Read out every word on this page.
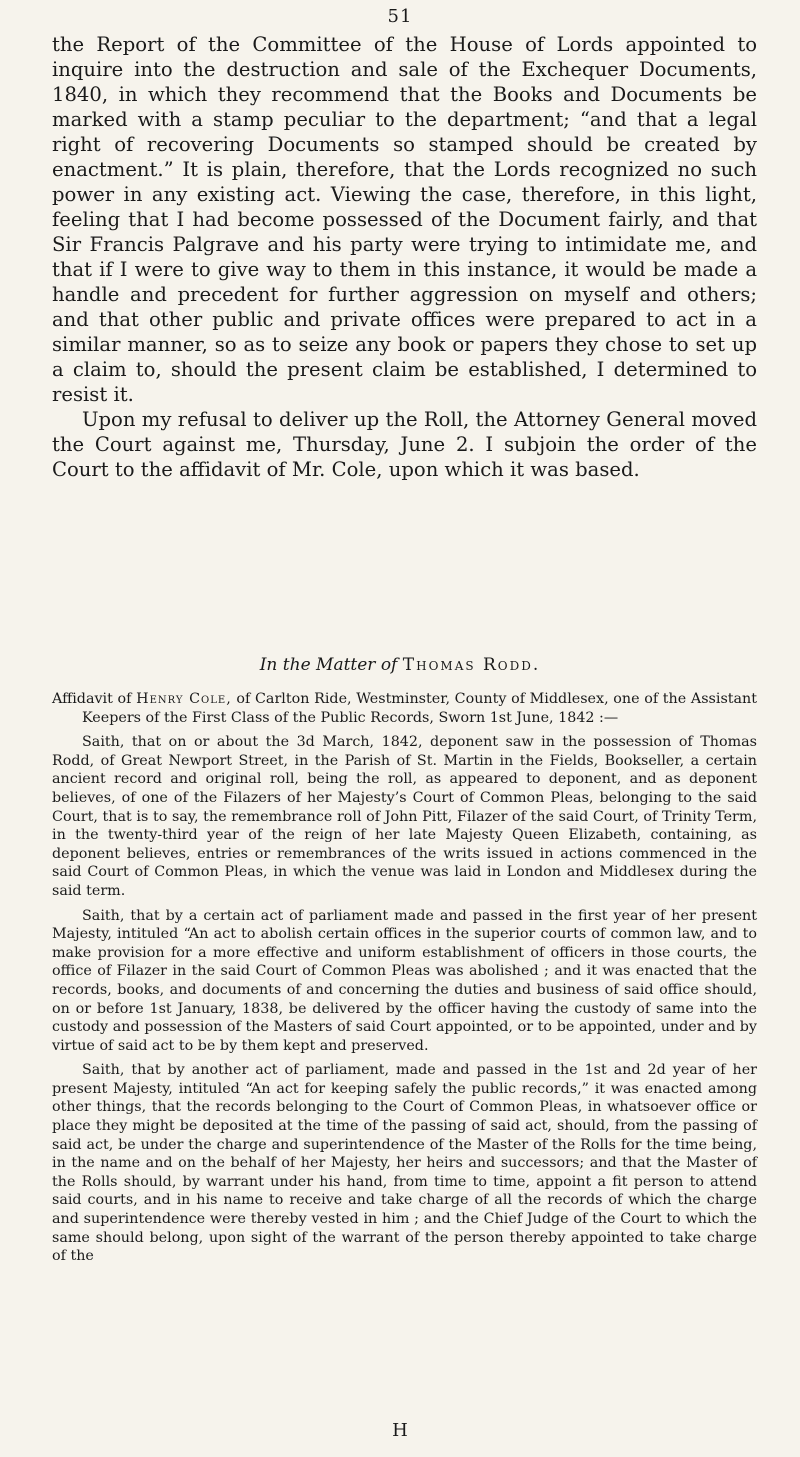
51

the Report of the Committee of the House of Lords appointed to inquire into the destruction and sale of the Exchequer Documents, 1840, in which they recommend that the Books and Documents be marked with a stamp peculiar to the department; “and that a legal right of recovering Documents so stamped should be created by enactment.” It is plain, therefore, that the Lords recognized no such power in any existing act. Viewing the case, therefore, in this light, feeling that I had become possessed of the Document fairly, and that Sir Francis Palgrave and his party were trying to intimidate me, and that if I were to give way to them in this instance, it would be made a handle and precedent for further aggression on myself and others; and that other public and private offices were prepared to act in a similar manner, so as to seize any book or papers they chose to set up a claim to, should the present claim be established, I determined to resist it.

Upon my refusal to deliver up the Roll, the Attorney General moved the Court against me, Thursday, June 2. I subjoin the order of the Court to the affidavit of Mr. Cole, upon which it was based.

In the Matter of Thomas Rodd.

Affidavit of Henry Cole, of Carlton Ride, Westminster, County of Middlesex, one of the Assistant Keepers of the First Class of the Public Records, Sworn 1st June, 1842 :—

Saith, that on or about the 3d March, 1842, deponent saw in the possession of Thomas Rodd, of Great Newport Street, in the Parish of St. Martin in the Fields, Bookseller, a certain ancient record and original roll, being the roll, as appeared to deponent, and as deponent believes, of one of the Filazers of her Majesty’s Court of Common Pleas, belonging to the said Court, that is to say, the remembrance roll of John Pitt, Filazer of the said Court, of Trinity Term, in the twenty-third year of the reign of her late Majesty Queen Elizabeth, containing, as deponent believes, entries or remembrances of the writs issued in actions commenced in the said Court of Common Pleas, in which the venue was laid in London and Middlesex during the said term.

Saith, that by a certain act of parliament made and passed in the first year of her present Majesty, intituled “An act to abolish certain offices in the superior courts of common law, and to make provision for a more effective and uniform establishment of officers in those courts, the office of Filazer in the said Court of Common Pleas was abolished ; and it was enacted that the records, books, and documents of and concerning the duties and business of said office should, on or before 1st January, 1838, be delivered by the officer having the custody of same into the custody and possession of the Masters of said Court appointed, or to be appointed, under and by virtue of said act to be by them kept and preserved.

Saith, that by another act of parliament, made and passed in the 1st and 2d year of her present Majesty, intituled “An act for keeping safely the public records,” it was enacted among other things, that the records belonging to the Court of Common Pleas, in whatsoever office or place they might be deposited at the time of the passing of said act, should, from the passing of said act, be under the charge and superintendence of the Master of the Rolls for the time being, in the name and on the behalf of her Majesty, her heirs and successors; and that the Master of the Rolls should, by warrant under his hand, from time to time, appoint a fit person to attend said courts, and in his name to receive and take charge of all the records of which the charge and superintendence were thereby vested in him ; and the Chief Judge of the Court to which the same should belong, upon sight of the warrant of the person thereby appointed to take charge of the

H
